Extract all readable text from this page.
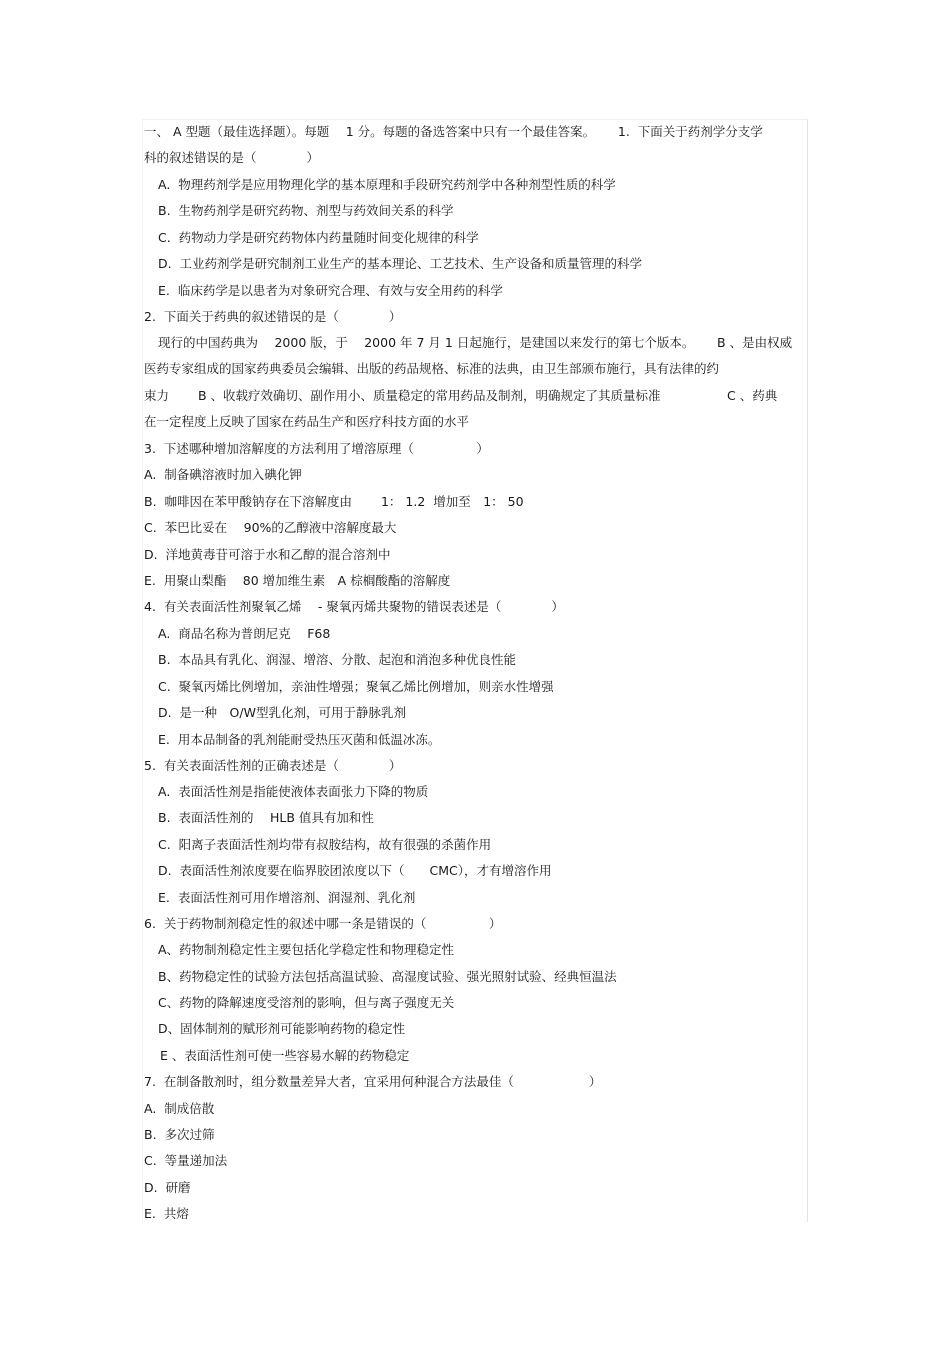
一、 A 型题（最佳选择题）。每题　 1 分。每题的备选答案中只有一个最佳答案。　　 1.  下面关于药剂学分支学
科的叙述错误的是（　　　　）
A.  物理药剂学是应用物理化学的基本原理和手段研究药剂学中各种剂型性质的科学
B.  生物药剂学是研究药物、剂型与药效间关系的科学
C.  药物动力学是研究药物体内药量随时间变化规律的科学
D.  工业药剂学是研究制剂工业生产的基本理论、工艺技术、生产设备和质量管理的科学
E.  临床药学是以患者为对象研究合理、有效与安全用药的科学
2.  下面关于药典的叙述错误的是（　　　　）
现行的中国药典为　 2000 版，于　 2000 年 7 月 1 日起施行，是建国以来发行的第七个版本。　　 B 、是由权威
医药专家组成的国家药典委员会编辑、出版的药品规格、标准的法典，由卫生部颁布施行，具有法律的约
束力　　 B 、收载疗效确切、副作用小、质量稳定的常用药品及制剂，明确规定了其质量标准　　　　　 C 、药典
在一定程度上反映了国家在药品生产和医疗科技方面的水平
3.  下述哪种增加溶解度的方法利用了增溶原理（　　　　　）
A.  制备碘溶液时加入碘化钾
B.  咖啡因在苯甲酸钠存在下溶解度由　　 1： 1.2  增加至　1： 50
C.  苯巴比妥在　 90%的乙醇液中溶解度最大
D.  洋地黄毒苷可溶于水和乙醇的混合溶剂中
E.  用聚山梨酯　 80 增加维生素　A 棕榈酸酯的溶解度
4.  有关表面活性剂聚氧乙烯　 - 聚氧丙烯共聚物的错误表述是（　　　　）
A.  商品名称为普朗尼克　 F68
B.  本品具有乳化、润湿、增溶、分散、起泡和消泡多种优良性能
C.  聚氧丙烯比例增加，亲油性增强；聚氧乙烯比例增加，则亲水性增强
D.  是一种　O/W型乳化剂，可用于静脉乳剂
E.  用本品制备的乳剂能耐受热压灭菌和低温冰冻。
5.  有关表面活性剂的正确表述是（　　　　）
A.  表面活性剂是指能使液体表面张力下降的物质
B.  表面活性剂的　 HLB 值具有加和性
C.  阳离子表面活性剂均带有叔胺结构，故有很强的杀菌作用
D.  表面活性剂浓度要在临界胶团浓度以下（　　CMC），才有增溶作用
E.  表面活性剂可用作增溶剂、润湿剂、乳化剂
6.  关于药物制剂稳定性的叙述中哪一条是错误的（　　　　　）
A、药物制剂稳定性主要包括化学稳定性和物理稳定性
B、药物稳定性的试验方法包括高温试验、高湿度试验、强光照射试验、经典恒温法
C、药物的降解速度受溶剂的影响，但与离子强度无关
D、固体制剂的赋形剂可能影响药物的稳定性
E 、表面活性剂可使一些容易水解的药物稳定
7.  在制备散剂时，组分数量差异大者，宜采用何种混合方法最佳（　　　　　　）
A.  制成倍散
B.  多次过筛
C.  等量递加法
D.  研磨
E.  共熔
